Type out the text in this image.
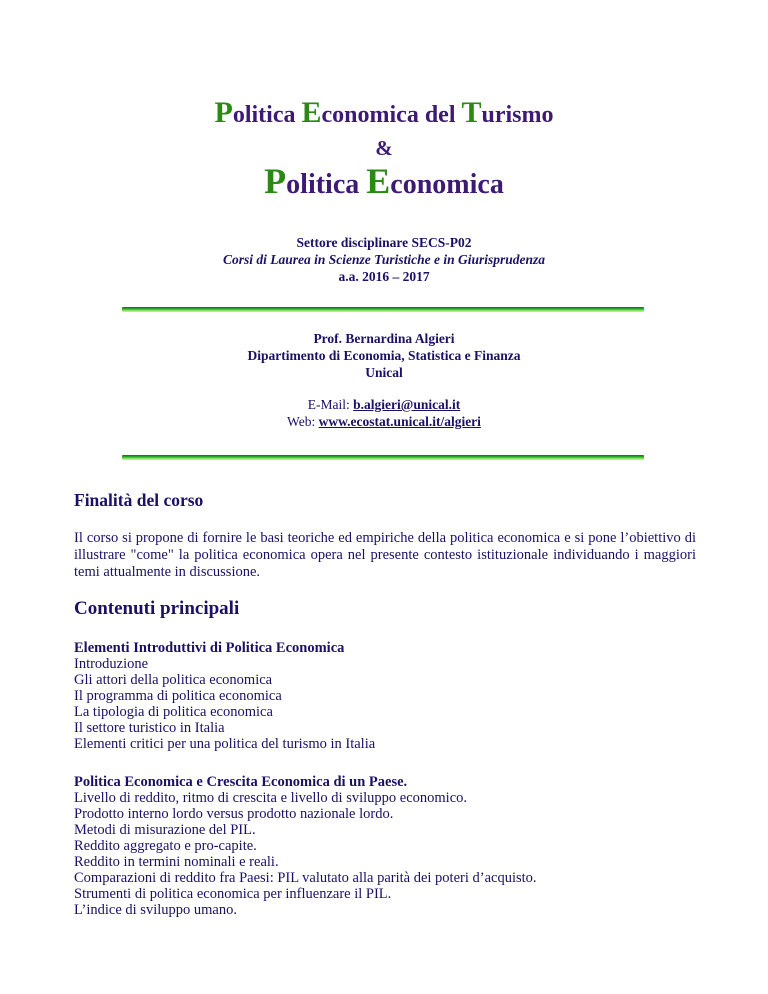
Politica Economica del Turismo
&
Politica Economica
Settore disciplinare SECS-P02
Corsi di Laurea in Scienze Turistiche e in Giurisprudenza
a.a. 2016 – 2017
Prof. Bernardina Algieri
Dipartimento di Economia, Statistica e Finanza
Unical
E-Mail: b.algieri@unical.it
Web: www.ecostat.unical.it/algieri
Finalità del corso
Il corso si propone di fornire le basi teoriche ed empiriche della politica economica e si pone l’obiettivo di illustrare "come" la politica economica opera nel presente contesto istituzionale individuando i maggiori temi attualmente in discussione.
Contenuti principali
Elementi Introduttivi di Politica Economica
Introduzione
Gli attori della politica economica
Il programma di politica economica
La tipologia di politica economica
Il settore turistico in Italia
Elementi critici per una politica del turismo in Italia
Politica Economica e Crescita Economica di un Paese.
Livello di reddito, ritmo di crescita e livello di sviluppo economico.
Prodotto interno lordo versus prodotto nazionale lordo.
Metodi di misurazione del PIL.
Reddito aggregato e pro-capite.
Reddito in termini nominali e reali.
Comparazioni di reddito fra Paesi: PIL valutato alla parità dei poteri d’acquisto.
Strumenti di politica economica per influenzare il PIL.
L’indice di sviluppo umano.
